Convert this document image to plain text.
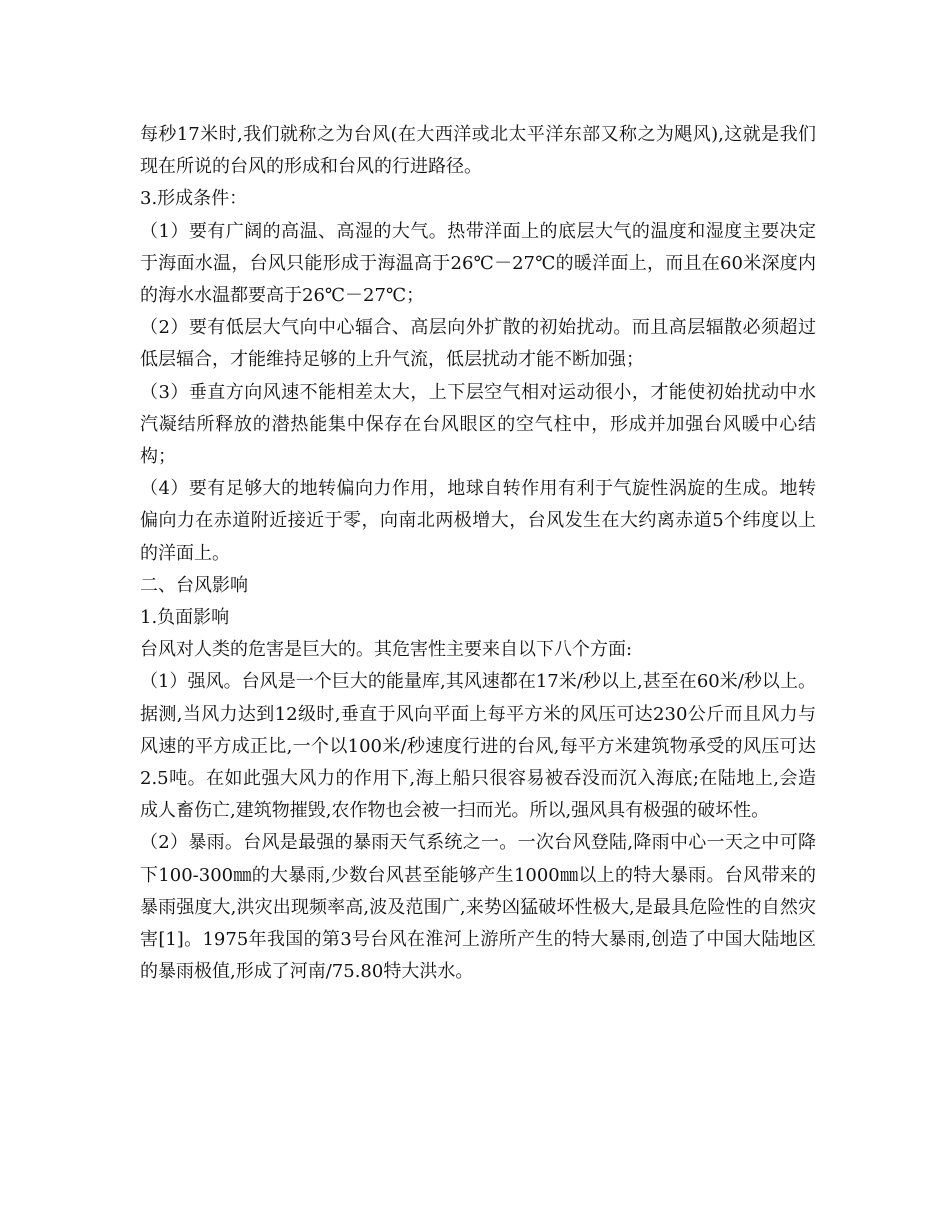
每秒17米时,我们就称之为台风(在大西洋或北太平洋东部又称之为飓风),这就是我们现在所说的台风的形成和台风的行进路径。

3.形成条件：

（1）要有广阔的高温、高湿的大气。热带洋面上的底层大气的温度和湿度主要决定于海面水温，台风只能形成于海温高于26℃－27℃的暖洋面上，而且在60米深度内的海水水温都要高于26℃－27℃；

（2）要有低层大气向中心辐合、高层向外扩散的初始扰动。而且高层辐散必须超过低层辐合，才能维持足够的上升气流，低层扰动才能不断加强；

（3）垂直方向风速不能相差太大，上下层空气相对运动很小，才能使初始扰动中水汽凝结所释放的潜热能集中保存在台风眼区的空气柱中，形成并加强台风暖中心结构；

（4）要有足够大的地转偏向力作用，地球自转作用有利于气旋性涡旋的生成。地转偏向力在赤道附近接近于零，向南北两极增大，台风发生在大约离赤道5个纬度以上的洋面上。

二、台风影响

1.负面影响

台风对人类的危害是巨大的。其危害性主要来自以下八个方面:

（1）强风。台风是一个巨大的能量库,其风速都在17米/秒以上,甚至在60米/秒以上。据测,当风力达到12级时,垂直于风向平面上每平方米的风压可达230公斤而且风力与风速的平方成正比,一个以100米/秒速度行进的台风,每平方米建筑物承受的风压可达2.5吨。在如此强大风力的作用下,海上船只很容易被吞没而沉入海底;在陆地上,会造成人畜伤亡,建筑物摧毁,农作物也会被一扫而光。所以,强风具有极强的破坏性。

（2）暴雨。台风是最强的暴雨天气系统之一。一次台风登陆,降雨中心一天之中可降下100-300㎜的大暴雨,少数台风甚至能够产生1000㎜以上的特大暴雨。台风带来的暴雨强度大,洪灾出现频率高,波及范围广,来势凶猛破坏性极大,是最具危险性的自然灾害[1]。1975年我国的第3号台风在淮河上游所产生的特大暴雨,创造了中国大陆地区的暴雨极值,形成了河南/75.80特大洪水。
